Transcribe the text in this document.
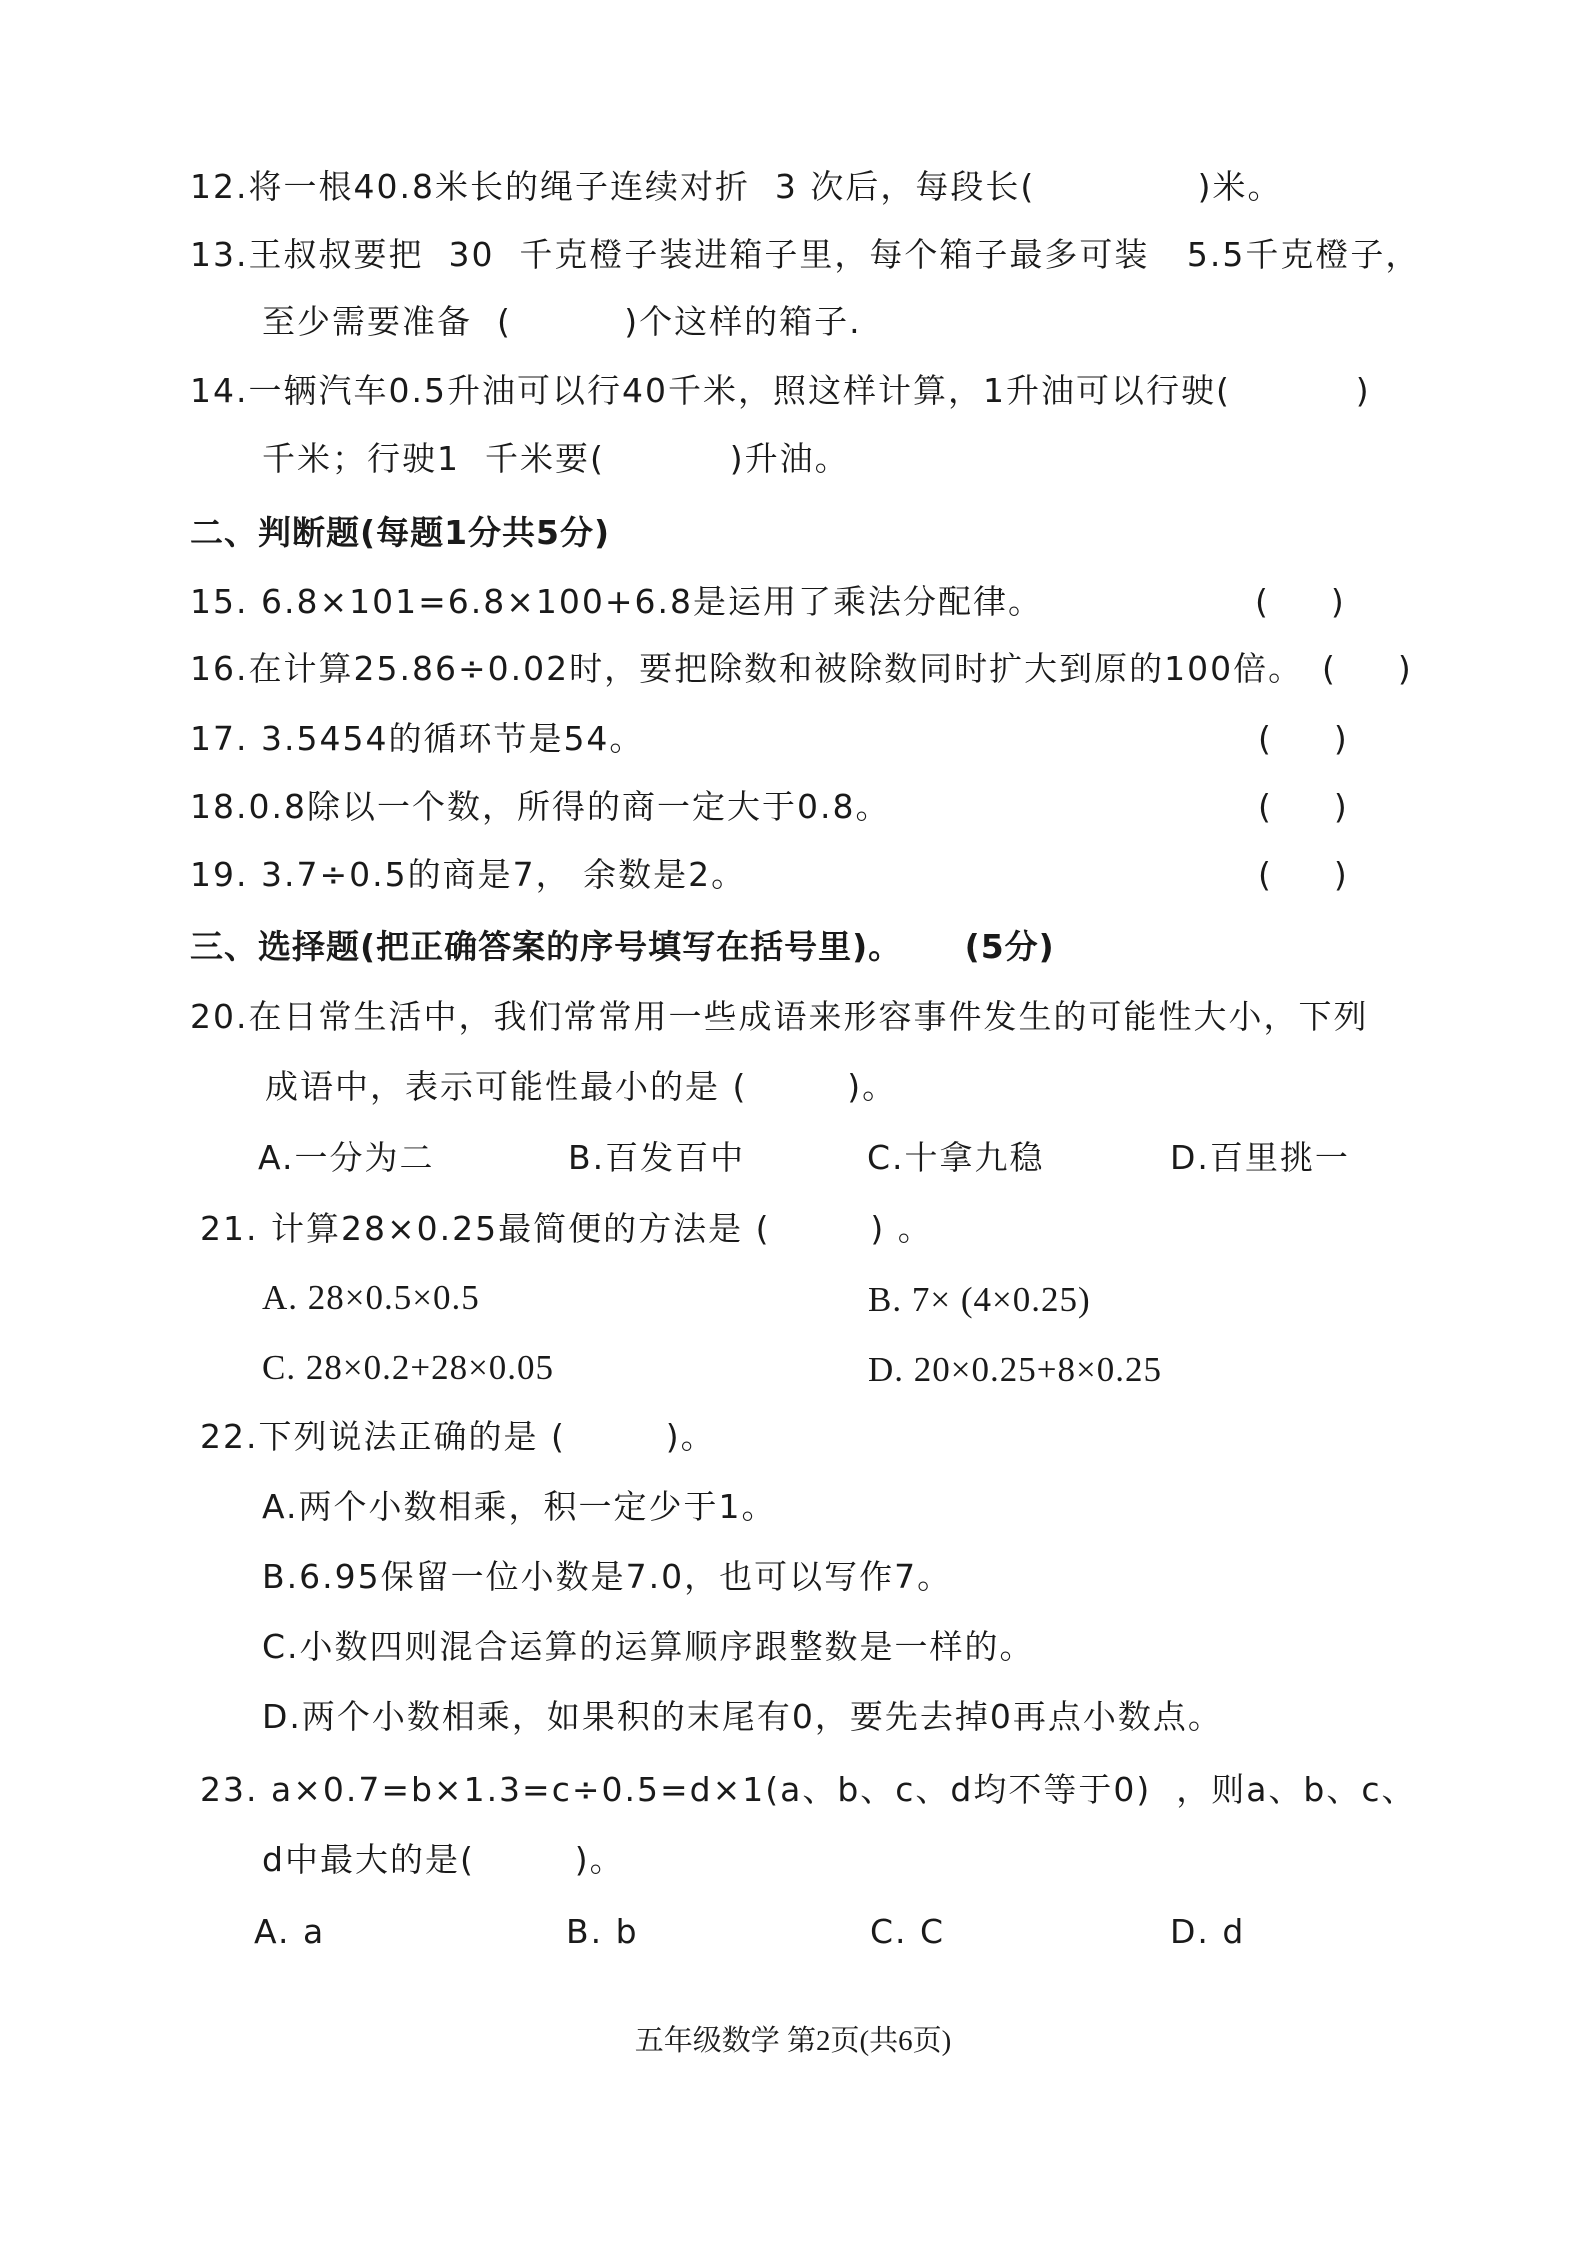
12.将一根40.8米长的绳子连续对折  3 次后，每段长(             )米。
13.王叔叔要把  30  千克橙子装进箱子里，每个箱子最多可装   5.5千克橙子，
至少需要准备  (         )个这样的箱子.
14.一辆汽车0.5升油可以行40千米，照这样计算，1升油可以行驶(          )
千米；行驶1  千米要(          )升油。
二、判断题(每题1分共5分)
15. 6.8×101=6.8×100+6.8是运用了乘法分配律。	(      )
16.在计算25.86÷0.02时，要把除数和被除数同时扩大到原的100倍。 (      )
17. 3.5454的循环节是54。	(      )
18.0.8除以一个数，所得的商一定大于0.8。	(      )
19. 3.7÷0.5的商是7， 余数是2。	(      )
三、选择题(把正确答案的序号填写在括号里)。     (5分)
20.在日常生活中，我们常常用一些成语来形容事件发生的可能性大小，下列
成语中，表示可能性最小的是 (        )。
A.一分为二	B.百发百中	C.十拿九稳	D.百里挑一
21. 计算28×0.25最简便的方法是 (        ) 。
A. 28×0.5×0.5	B. 7× (4×0.25)
C. 28×0.2+28×0.05	D. 20×0.25+8×0.25
22.下列说法正确的是 (        )。
A.两个小数相乘，积一定少于1。
B.6.95保留一位小数是7.0，也可以写作7。
C.小数四则混合运算的运算顺序跟整数是一样的。
D.两个小数相乘，如果积的末尾有0，要先去掉0再点小数点。
23. a×0.7=b×1.3=c÷0.5=d×1(a、b、c、d均不等于0)  ，则a、b、c、
d中最大的是(        )。
A. a	B. b	C. C	D. d
五年级数学 第2页(共6页)
